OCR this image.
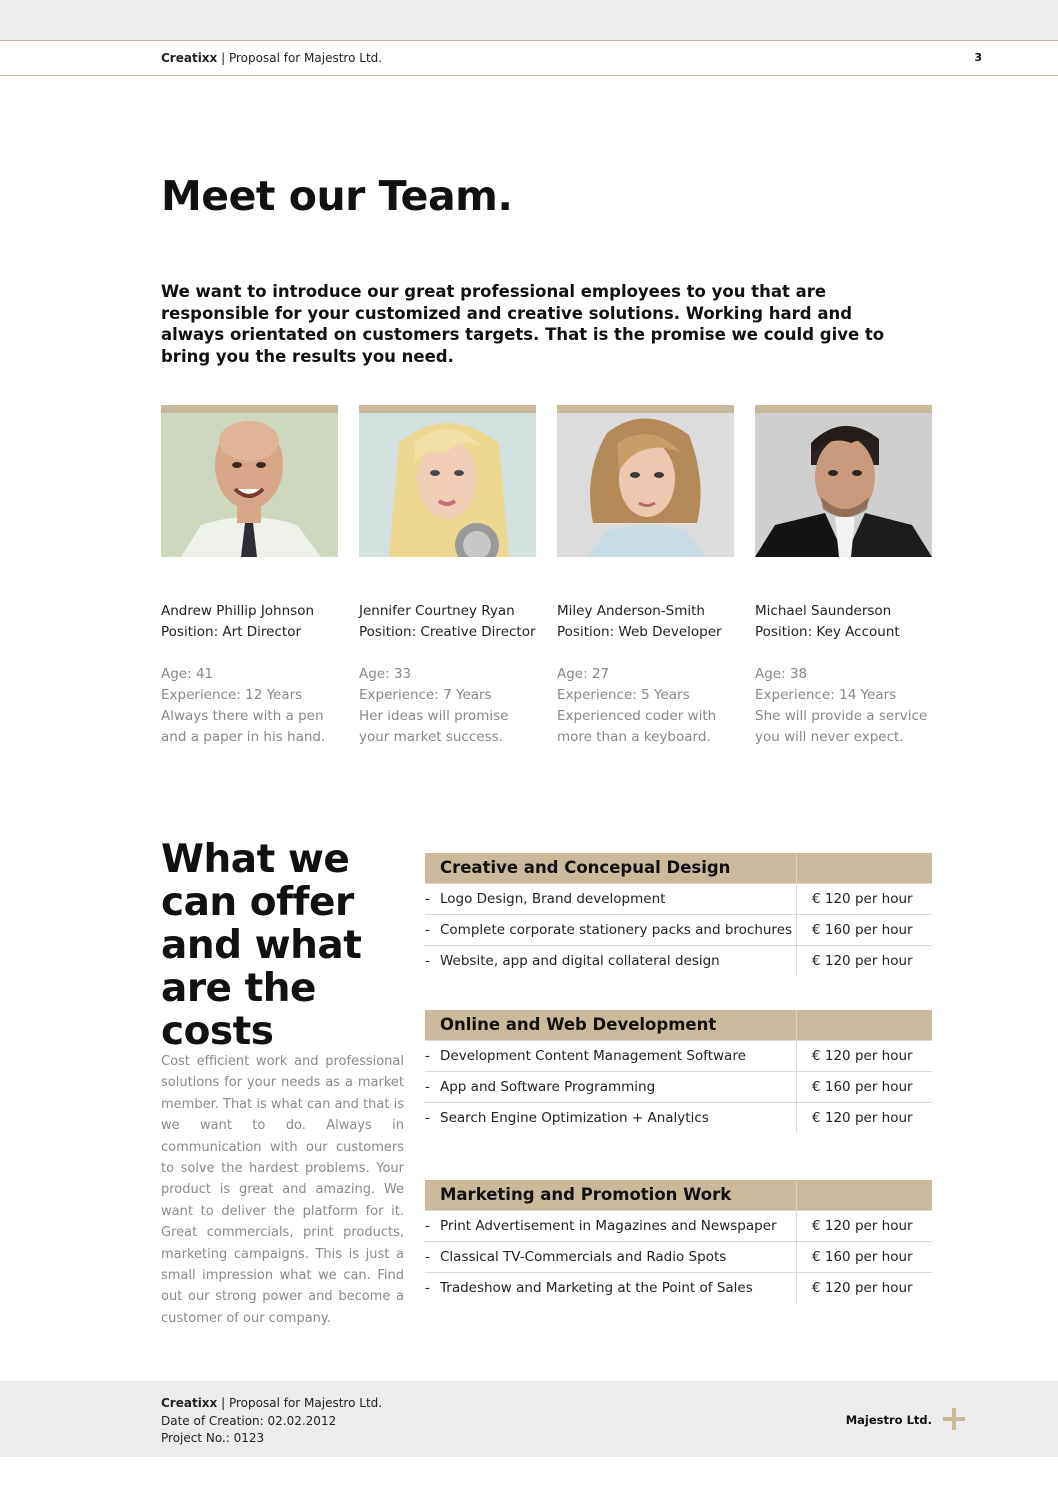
Creatixx | Proposal for Majestro Ltd.	3
Meet our Team.

We want to introduce our great professional employees to you that are responsible for your customized and creative solutions. Working hard and always orientated on customers targets. That is the promise we could give to bring you the results you need.

Andrew Phillip Johnson
Position: Art Director
Age: 41
Experience: 12 Years
Always there with a pen and a paper in his hand.
Jennifer Courtney Ryan
Position: Creative Director
Age: 33
Experience: 7 Years
Her ideas will promise your market success.
Miley Anderson-Smith
Position: Web Developer
Age: 27
Experience: 5 Years
Experienced coder with more than a keyboard.
Michael Saunderson
Position: Key Account
Age: 38
Experience: 14 Years
She will provide a service you will never expect.
What we can offer and what are the costs

Cost efficient work and professional solutions for your needs as a market member. That is what can and that is we want to do. Always in communication with our customers to solve the hardest problems. Your product is great and amazing. We want to deliver the platform for it. Great commercials, print products, marketing campaigns. This is just a small impression what we can. Find out our strong power and become a customer of our company.

Creative and Concepual Design
- Logo Design, Brand development	€ 120 per hour
- Complete corporate stationery packs and brochures € 160 per hour
- Website, app and digital collateral design	€ 120 per hour
Online and Web Development
- Development Content Management Software	€ 120 per hour
- App and Software Programming	€ 160 per hour
- Search Engine Optimization + Analytics	€ 120 per hour
Marketing and Promotion Work
- Print Advertisement in Magazines and Newspaper	€ 120 per hour
- Classical TV-Commercials and Radio Spots	€ 160 per hour
- Tradeshow and Marketing at the Point of Sales	€ 120 per hour
Creatixx | Proposal for Majestro Ltd.
Date of Creation: 02.02.2012
Project No.: 0123
Majestro Ltd.
